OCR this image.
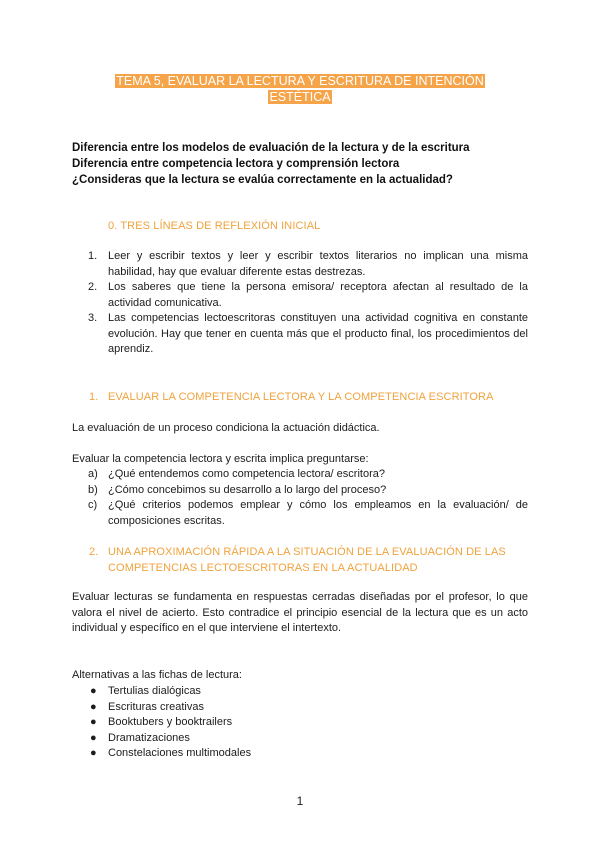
TEMA 5, EVALUAR LA LECTURA Y ESCRITURA DE INTENCIÓN
ESTÉTICA
Diferencia entre los modelos de evaluación de la lectura y de la escritura
Diferencia entre competencia lectora y comprensión lectora
¿Consideras que la lectura se evalúa correctamente en la actualidad?
0. TRES LÍNEAS DE REFLEXIÓN INICIAL
1. Leer y escribir textos y leer y escribir textos literarios no implican una misma habilidad, hay que evaluar diferente estas destrezas.
2. Los saberes que tiene la persona emisora/ receptora afectan al resultado de la actividad comunicativa.
3. Las competencias lectoescritoras constituyen una actividad cognitiva en constante evolución. Hay que tener en cuenta más que el producto final, los procedimientos del aprendiz.
1. EVALUAR LA COMPETENCIA LECTORA Y LA COMPETENCIA ESCRITORA
La evaluación de un proceso condiciona la actuación didáctica.
Evaluar la competencia lectora y escrita implica preguntarse:
a) ¿Qué entendemos como competencia lectora/ escritora?
b) ¿Cómo concebimos su desarrollo a lo largo del proceso?
c) ¿Qué criterios podemos emplear y cómo los empleamos en la evaluación/ de composiciones escritas.
2. UNA APROXIMACIÓN RÁPIDA A LA SITUACIÓN DE LA EVALUACIÓN DE LAS
COMPETENCIAS LECTOESCRITORAS EN LA ACTUALIDAD
Evaluar lecturas se fundamenta en respuestas cerradas diseñadas por el profesor, lo que valora el nivel de acierto. Esto contradice el principio esencial de la lectura que es un acto individual y específico en el que interviene el intertexto.
Alternativas a las fichas de lectura:
● Tertulias dialógicas
● Escrituras creativas
● Booktubers y booktrailers
● Dramatizaciones
● Constelaciones multimodales
1
